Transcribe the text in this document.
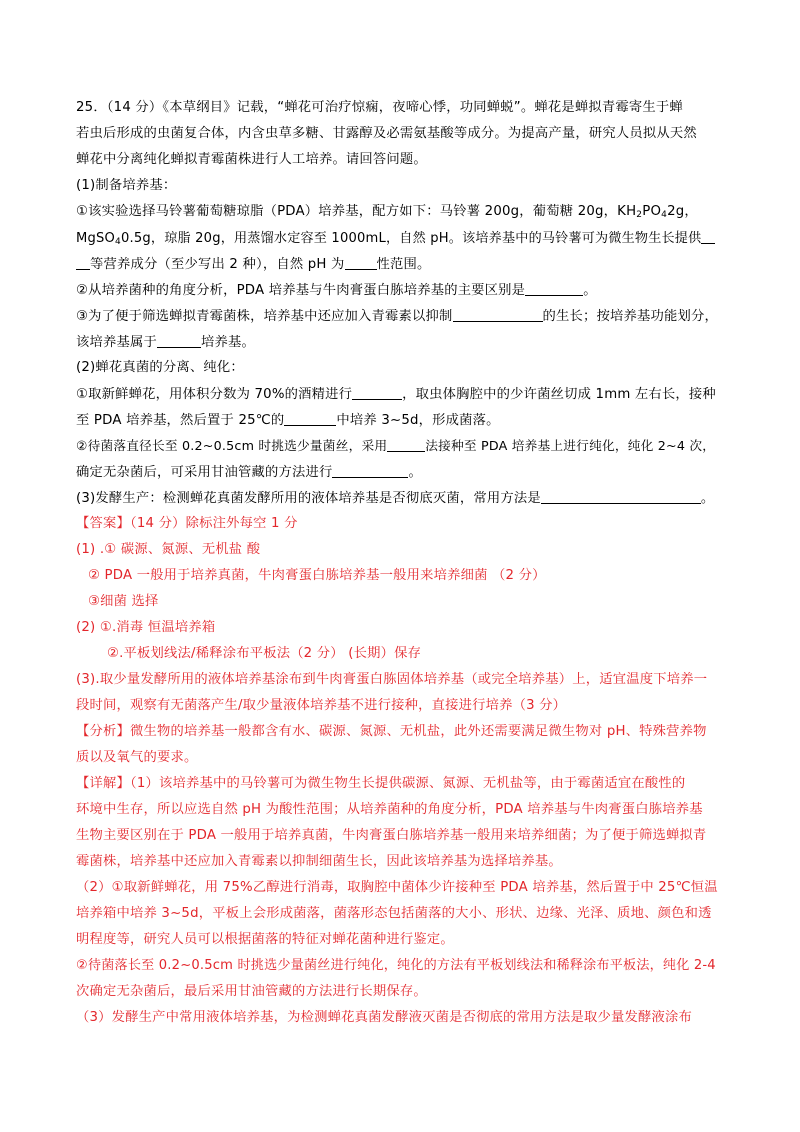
25．（14 分）《本草纲目》记载，“蝉花可治疗惊痫，夜啼心悸，功同蝉蜕”。蝉花是蝉拟青霉寄生于蝉
若虫后形成的虫菌复合体，内含虫草多糖、甘露醇及必需氨基酸等成分。为提高产量，研究人员拟从天然
蝉花中分离纯化蝉拟青霉菌株进行人工培养。请回答问题。
(1)制备培养基：
①该实验选择马铃薯葡萄糖琼脂（PDA）培养基，配方如下：马铃薯 200g，葡萄糖 20g，$KH_2PO_42g$，
MgSO$_4$0.5g，琼脂 20g，用蒸馏水定容至 1000mL，自然 pH。该培养基中的马铃薯可为微生物生长提供
等营养成分（至少写出 2 种），自然 pH 为 性范围。
②从培养菌种的角度分析，PDA 培养基与牛肉膏蛋白胨培养基的主要区别是	。
③为了便于筛选蝉拟青霉菌株，培养基中还应加入青霉素以抑制	的生长；按培养基功能划分，
该培养基属于	培养基。
(2)蝉花真菌的分离、纯化：
①取新鲜蝉花，用体积分数为 70%的酒精进行	，取虫体胸腔中的少许菌丝切成 1mm 左右长，接种
至 PDA 培养基，然后置于 25℃的	中培养 3~5d，形成菌落。
②待菌落直径长至 0.2~0.5cm 时挑选少量菌丝，采用	法接种至 PDA 培养基上进行纯化，纯化 2~4 次，
确定无杂菌后，可采用甘油管藏的方法进行	。
(3)发酵生产：检测蝉花真菌发酵所用的液体培养基是否彻底灭菌，常用方法是	。
【答案】（14 分）除标注外每空 1 分
(1) .① 碳源、氮源、无机盐 酸
② PDA 一般用于培养真菌，牛肉膏蛋白胨培养基一般用来培养细菌 （2 分）
③细菌 选择
(2) ①.消毒 恒温培养箱
②.平板划线法/稀释涂布平板法（2 分） (长期）保存
(3).取少量发酵所用的液体培养基涂布到牛肉膏蛋白胨固体培养基（或完全培养基）上，适宜温度下培养一
段时间，观察有无菌落产生/取少量液体培养基不进行接种，直接进行培养（3 分）
【分析】微生物的培养基一般都含有水、碳源、氮源、无机盐，此外还需要满足微生物对 pH、特殊营养物
质以及氧气的要求。
【详解】（1）该培养基中的马铃薯可为微生物生长提供碳源、氮源、无机盐等，由于霉菌适宜在酸性的
环境中生存，所以应选自然 pH 为酸性范围；从培养菌种的角度分析，PDA 培养基与牛肉膏蛋白胨培养基
生物主要区别在于 PDA 一般用于培养真菌，牛肉膏蛋白胨培养基一般用来培养细菌；为了便于筛选蝉拟青
霉菌株，培养基中还应加入青霉素以抑制细菌生长，因此该培养基为选择培养基。
（2）①取新鲜蝉花，用 75%乙醇进行消毒，取胸腔中菌体少许接种至 PDA 培养基，然后置于中 25℃恒温
培养箱中培养 3~5d，平板上会形成菌落，菌落形态包括菌落的大小、形状、边缘、光泽、质地、颜色和透
明程度等，研究人员可以根据菌落的特征对蝉花菌种进行鉴定。
②待菌落长至 0.2~0.5cm 时挑选少量菌丝进行纯化，纯化的方法有平板划线法和稀释涂布平板法，纯化 2-4
次确定无杂菌后，最后采用甘油管藏的方法进行长期保存。
（3）发酵生产中常用液体培养基，为检测蝉花真菌发酵液灭菌是否彻底的常用方法是取少量发酵液涂布
